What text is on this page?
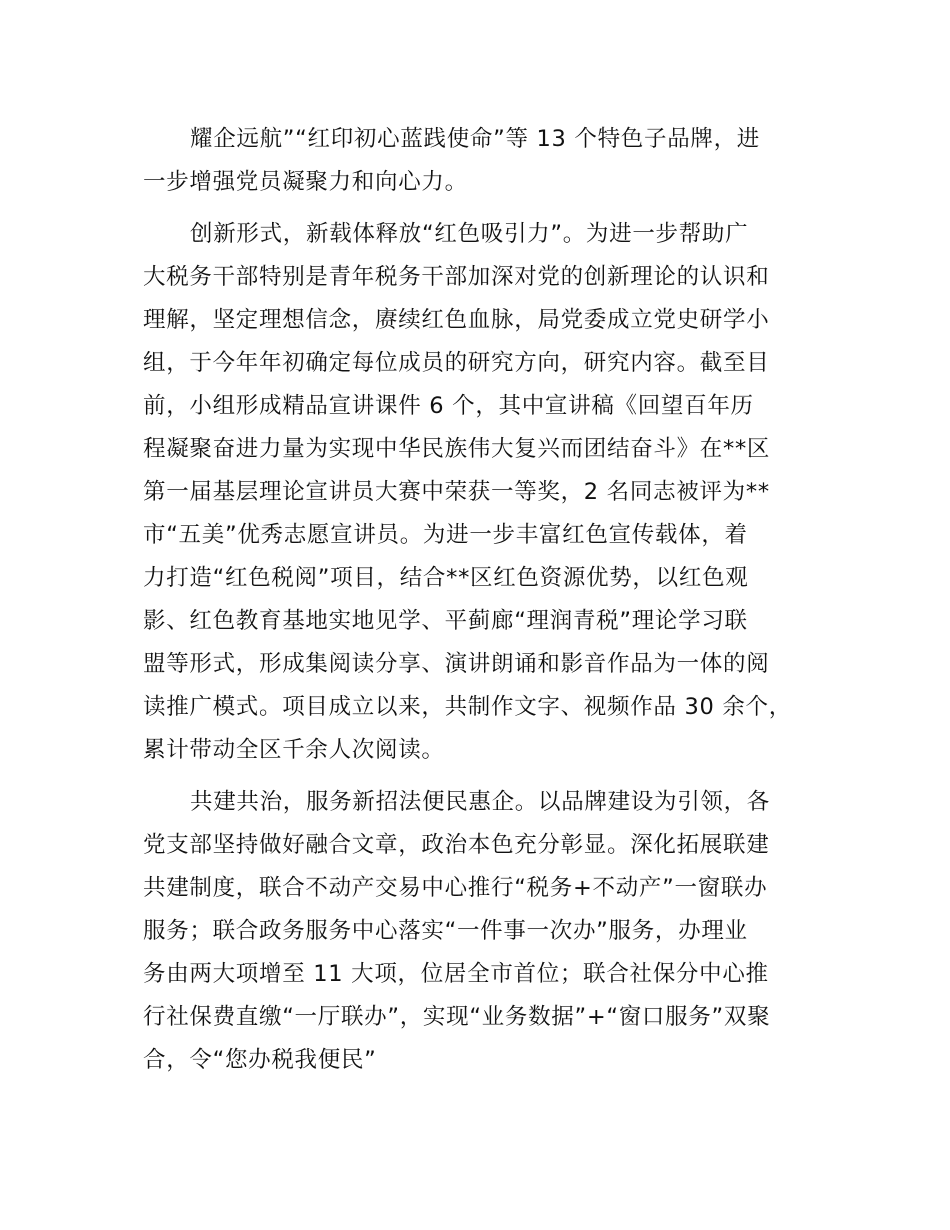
耀企远航”“红印初心蓝践使命”等 13 个特色子品牌，进
一步增强党员凝聚力和向心力。
创新形式，新载体释放“红色吸引力”。为进一步帮助广
大税务干部特别是青年税务干部加深对党的创新理论的认识和
理解，坚定理想信念，赓续红色血脉，局党委成立党史研学小
组，于今年年初确定每位成员的研究方向，研究内容。截至目
前，小组形成精品宣讲课件 6 个，其中宣讲稿《回望百年历
程凝聚奋进力量为实现中华民族伟大复兴而团结奋斗》在**区
第一届基层理论宣讲员大赛中荣获一等奖，2 名同志被评为**
市“五美”优秀志愿宣讲员。为进一步丰富红色宣传载体，着
力打造“红色税阅”项目，结合**区红色资源优势，以红色观
影、红色教育基地实地见学、平蓟廊“理润青税”理论学习联
盟等形式，形成集阅读分享、演讲朗诵和影音作品为一体的阅
读推广模式。项目成立以来，共制作文字、视频作品 30 余个，
累计带动全区千余人次阅读。
共建共治，服务新招法便民惠企。以品牌建设为引领，各
党支部坚持做好融合文章，政治本色充分彰显。深化拓展联建
共建制度，联合不动产交易中心推行“税务+不动产”一窗联办
服务；联合政务服务中心落实“一件事一次办”服务，办理业
务由两大项增至 11 大项，位居全市首位；联合社保分中心推
行社保费直缴“一厅联办”，实现“业务数据”+“窗口服务”双聚
合，令“您办税我便民”
